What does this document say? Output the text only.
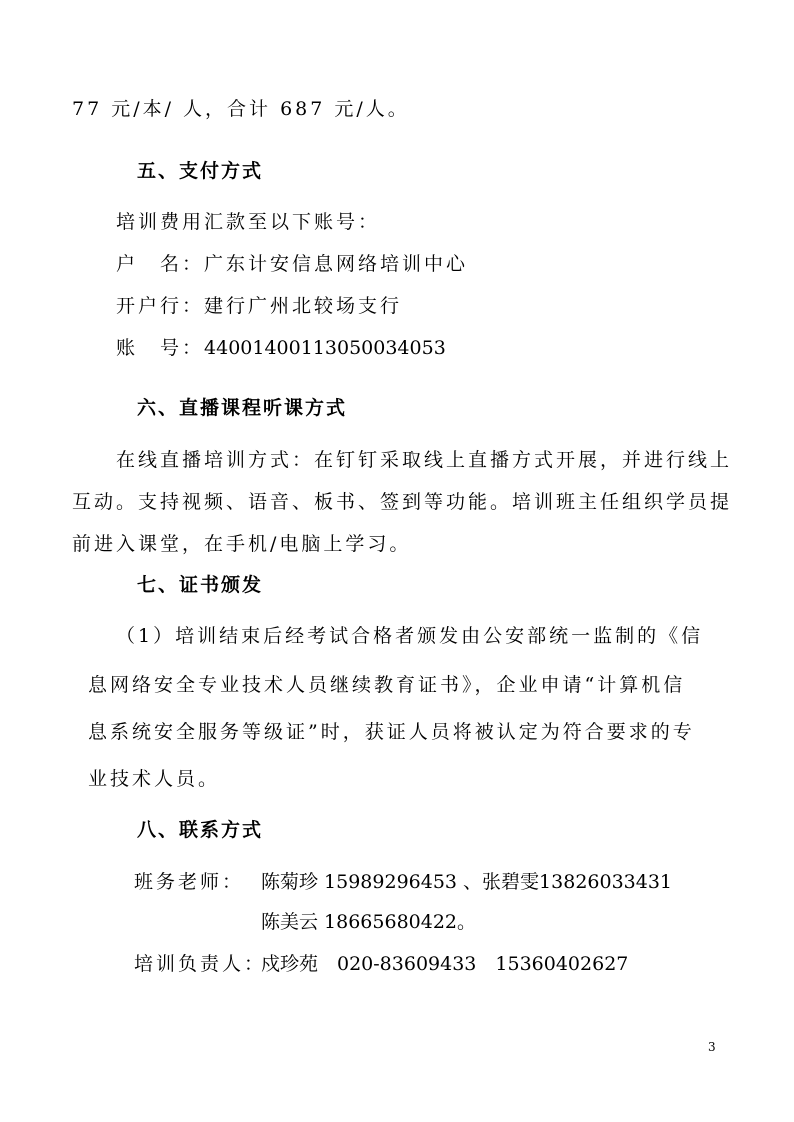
77 元/本/ 人，合计 687 元/人。
五、支付方式
培训费用汇款至以下账号：
户　名：广东计安信息网络培训中心
开户行：建行广州北较场支行
账　号：44001400113050034053
六、直播课程听课方式
在线直播培训方式：在钉钉采取线上直播方式开展，并进行线上
互动。支持视频、语音、板书、签到等功能。培训班主任组织学员提
前进入课堂，在手机/电脑上学习。
七、证书颁发
（1）培训结束后经考试合格者颁发由公安部统一监制的《信
息网络安全专业技术人员继续教育证书》，企业申请“计算机信
息系统安全服务等级证”时，获证人员将被认定为符合要求的专
业技术人员。
八、联系方式
班务老师： 陈菊珍 15989296453 、张碧雯13826033431
陈美云 18665680422。
培训负责人：
戍珍苑　020-83609433　15360402627
3
